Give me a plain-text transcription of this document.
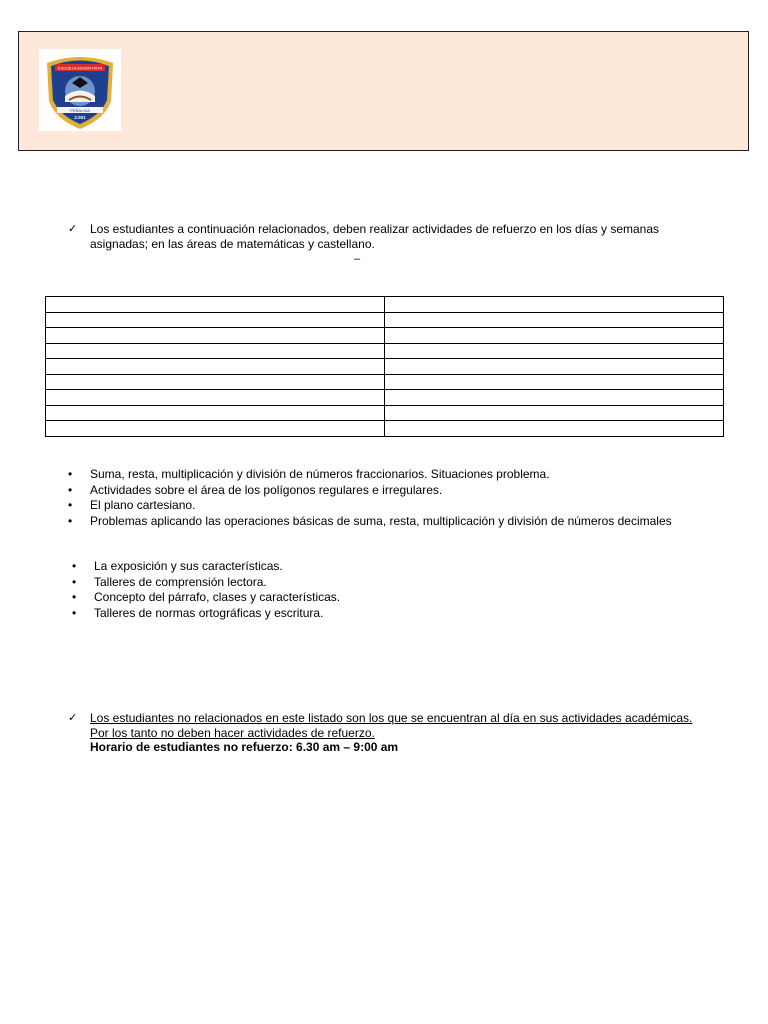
ESCUELA ADVENTISTA
PEÑALISA
2.001
✓ Los estudiantes a continuación relacionados, deben realizar actividades de refuerzo en los días y semanas asignadas; en las áreas de matemáticas y castellano.
–

• Suma, resta, multiplicación y división de números fraccionarios. Situaciones problema.
• Actividades sobre el área de los polígonos regulares e irregulares.
• El plano cartesiano.
• Problemas aplicando las operaciones básicas de suma, resta, multiplicación y división de números decimales
• La exposición y sus características.
• Talleres de comprensión lectora.
• Concepto del párrafo, clases y características.
• Talleres de normas ortográficas y escritura.
✓ Los estudiantes no relacionados en este listado son los que se encuentran al día en sus actividades académicas.
Por los tanto no deben hacer actividades de refuerzo.
Horario de estudiantes no refuerzo: 6.30 am – 9:00 am
